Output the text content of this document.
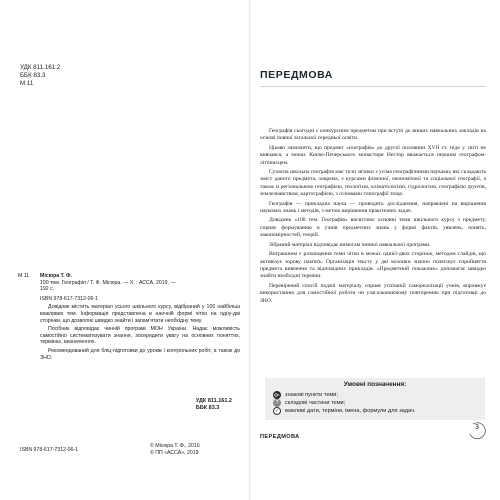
УДК 811.161.2
ББК 83.3
М 11
М 11	Місюра Т. Ф.
100 тем. Географія / Т. Ф. Місюра. — Х. : АССА, 2019. —
192 с.
ISBN 978-617-7312-06-1

Довідник містить матеріал усього шкільного курсу, відібраний у 100 найбільш важливих тем. Інформація представлена в наочній формі чітко на одну-дві сторінки, що дозволяє швидко знайти і запам'ятати необхідну тему.

Посібник відповідає чинній програмі МОН України. Надає можливість самостійно систематизувати знання, зосередити увагу на основних поняттях, термінах, визначеннях.

Рекомендований для бліц-підготовки до уроків і контрольних робіт, а також до ЗНО.

УДК 811.161.2
ББК 83.3
ISBN 978-617-7312-06-1
© Місюра Т. Ф., 2016
© ПП «АССА», 2019
ПЕРЕДМОВА

Географія сьогодні є конкурсним предметом при вступі до вищих навчальних закладів на основі повної загальної середньої освіти.

Цікаво зазначити, що предмет «географія» до другої половини XVII ст. ніде у світі не вивчався, а монах Києво-Печерського монастиря Нестор вважається першим географом-літописцем.

Сучасна шкільна географія має тісні зв'язки з усіма географічними науками, які складають зміст даного предмета, зокрема, з курсами фізичної, економічної та соціальної географії, а також із регіональною географією, геологією, кліматологією, гідрологією, географією ґрунтів, землезнавством, картографією, з основами топографії тощо.

Географія — прикладна наука — проводить дослідження, направлені на вирішення наукових знань і методів, з метою вирішення практичних задач.

Довідник «100 тем. Географія» висвітлює основні теми шкільного курсу з предмету, сприяє формуванню в учнів предметних знань у формі фактів, уявлень, понять, закономірностей, теорій.

Зібраний матеріал відповідає вимогам чинної навчальної програми.

Виграшним є розміщення теми чітко в межах однієї-двох сторінок, методом слайдів, що активізує зорову пам'ять. Організація тексту у дві колонки значно полегшує сприйняття предмета вивчення та відповідних прикладів. «Предметний покажчик» допомагає швидко знайти необхідні терміни.

Перевірений спосіб подачі матеріалу сприяє успішній самореалізації учнів, впровжує використанню для самостійної роботи чи узагальнюючому повторенню при підготовці до ЗНО.

Умовні позначення:
знакові пункти теми;
?	складові частини теми;
✓	важливі дати, терміни, імена, формули для задач.
ПЕРЕДМОВА
3
